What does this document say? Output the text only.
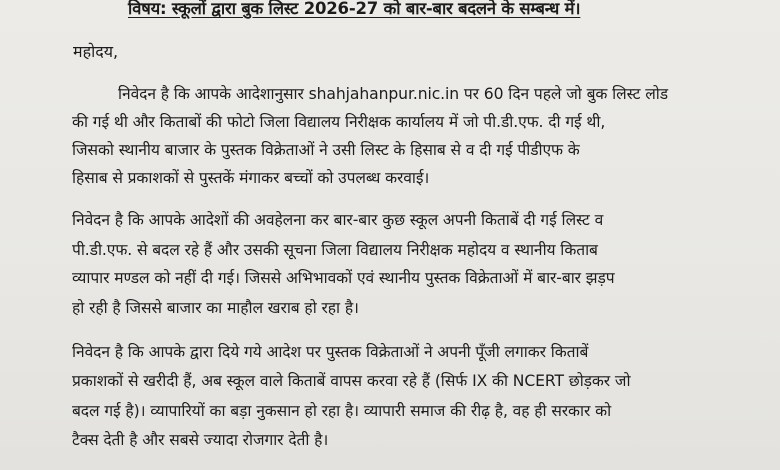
विषय: स्कूलों द्वारा बुक लिस्ट 2026-27 को बार-बार बदलने के सम्बन्ध में।
महोदय,
निवेदन है कि आपके आदेशानुसार shahjahanpur.nic.in पर 60 दिन पहले जो बुक लिस्ट लोड
की गई थी और किताबों की फोटो जिला विद्यालय निरीक्षक कार्यालय में जो पी.डी.एफ. दी गई थी,
जिसको स्थानीय बाजार के पुस्तक विक्रेताओं ने उसी लिस्ट के हिसाब से व दी गई पीडीएफ के
हिसाब से प्रकाशकों से पुस्तकें मंगाकर बच्चों को उपलब्ध करवाई।
निवेदन है कि आपके आदेशों की अवहेलना कर बार-बार कुछ स्कूल अपनी किताबें दी गई लिस्ट व
पी.डी.एफ. से बदल रहे हैं और उसकी सूचना जिला विद्यालय निरीक्षक महोदय व स्थानीय किताब
व्यापार मण्डल को नहीं दी गई। जिससे अभिभावकों एवं स्थानीय पुस्तक विक्रेताओं में बार-बार झड़प
हो रही है जिससे बाजार का माहौल खराब हो रहा है।
निवेदन है कि आपके द्वारा दिये गये आदेश पर पुस्तक विक्रेताओं ने अपनी पूँजी लगाकर किताबें
प्रकाशकों से खरीदी हैं, अब स्कूल वाले किताबें वापस करवा रहे हैं (सिर्फ IX की NCERT छोड़कर जो
बदल गई है)। व्यापारियों का बड़ा नुकसान हो रहा है। व्यापारी समाज की रीढ़ है, वह ही सरकार को
टैक्स देती है और सबसे ज्यादा रोजगार देती है।
